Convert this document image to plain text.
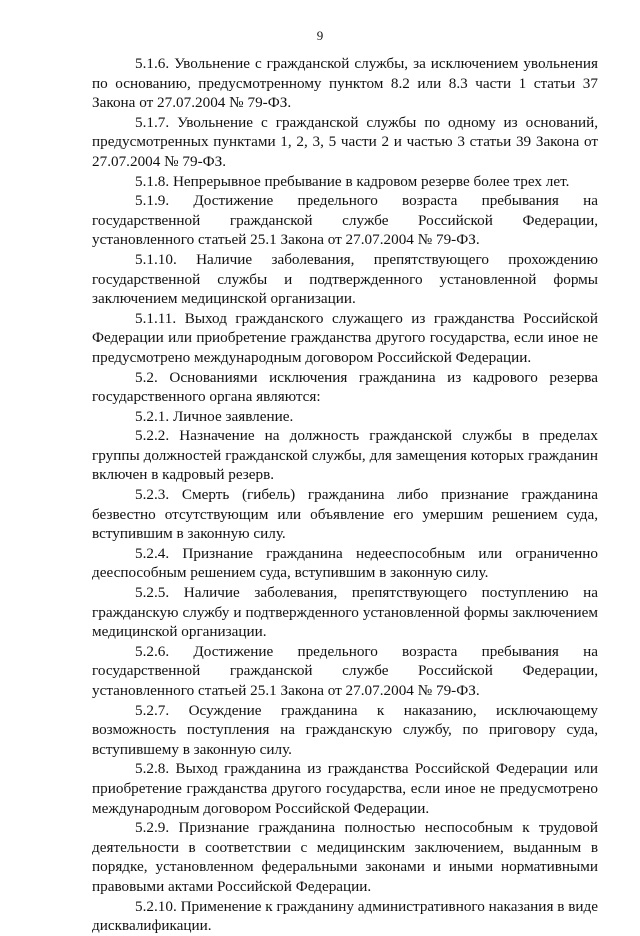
9

5.1.6. Увольнение с гражданской службы, за исключением увольнения по основанию, предусмотренному пунктом 8.2 или 8.3 части 1 статьи 37 Закона от 27.07.2004 № 79-ФЗ.

5.1.7. Увольнение с гражданской службы по одному из оснований, предусмотренных пунктами 1, 2, 3, 5 части 2 и частью 3 статьи 39 Закона от 27.07.2004 № 79-ФЗ.

5.1.8. Непрерывное пребывание в кадровом резерве более трех лет.

5.1.9. Достижение предельного возраста пребывания на государственной гражданской службе Российской Федерации, установленного статьей 25.1 Закона от 27.07.2004 № 79-ФЗ.

5.1.10. Наличие заболевания, препятствующего прохождению государственной службы и подтвержденного установленной формы заключением медицинской организации.

5.1.11. Выход гражданского служащего из гражданства Российской Федерации или приобретение гражданства другого государства, если иное не предусмотрено международным договором Российской Федерации.

5.2. Основаниями исключения гражданина из кадрового резерва государственного органа являются:

5.2.1. Личное заявление.

5.2.2. Назначение на должность гражданской службы в пределах группы должностей гражданской службы, для замещения которых гражданин включен в кадровый резерв.

5.2.3. Смерть (гибель) гражданина либо признание гражданина безвестно отсутствующим или объявление его умершим решением суда, вступившим в законную силу.

5.2.4. Признание гражданина недееспособным или ограниченно дееспособным решением суда, вступившим в законную силу.

5.2.5. Наличие заболевания, препятствующего поступлению на гражданскую службу и подтвержденного установленной формы заключением медицинской организации.

5.2.6. Достижение предельного возраста пребывания на государственной гражданской службе Российской Федерации, установленного статьей 25.1 Закона от 27.07.2004 № 79-ФЗ.

5.2.7. Осуждение гражданина к наказанию, исключающему возможность поступления на гражданскую службу, по приговору суда, вступившему в законную силу.

5.2.8. Выход гражданина из гражданства Российской Федерации или приобретение гражданства другого государства, если иное не предусмотрено международным договором Российской Федерации.

5.2.9. Признание гражданина полностью неспособным к трудовой деятельности в соответствии с медицинским заключением, выданным в порядке, установленном федеральными законами и иными нормативными правовыми актами Российской Федерации.

5.2.10. Применение к гражданину административного наказания в виде дисквалификации.
